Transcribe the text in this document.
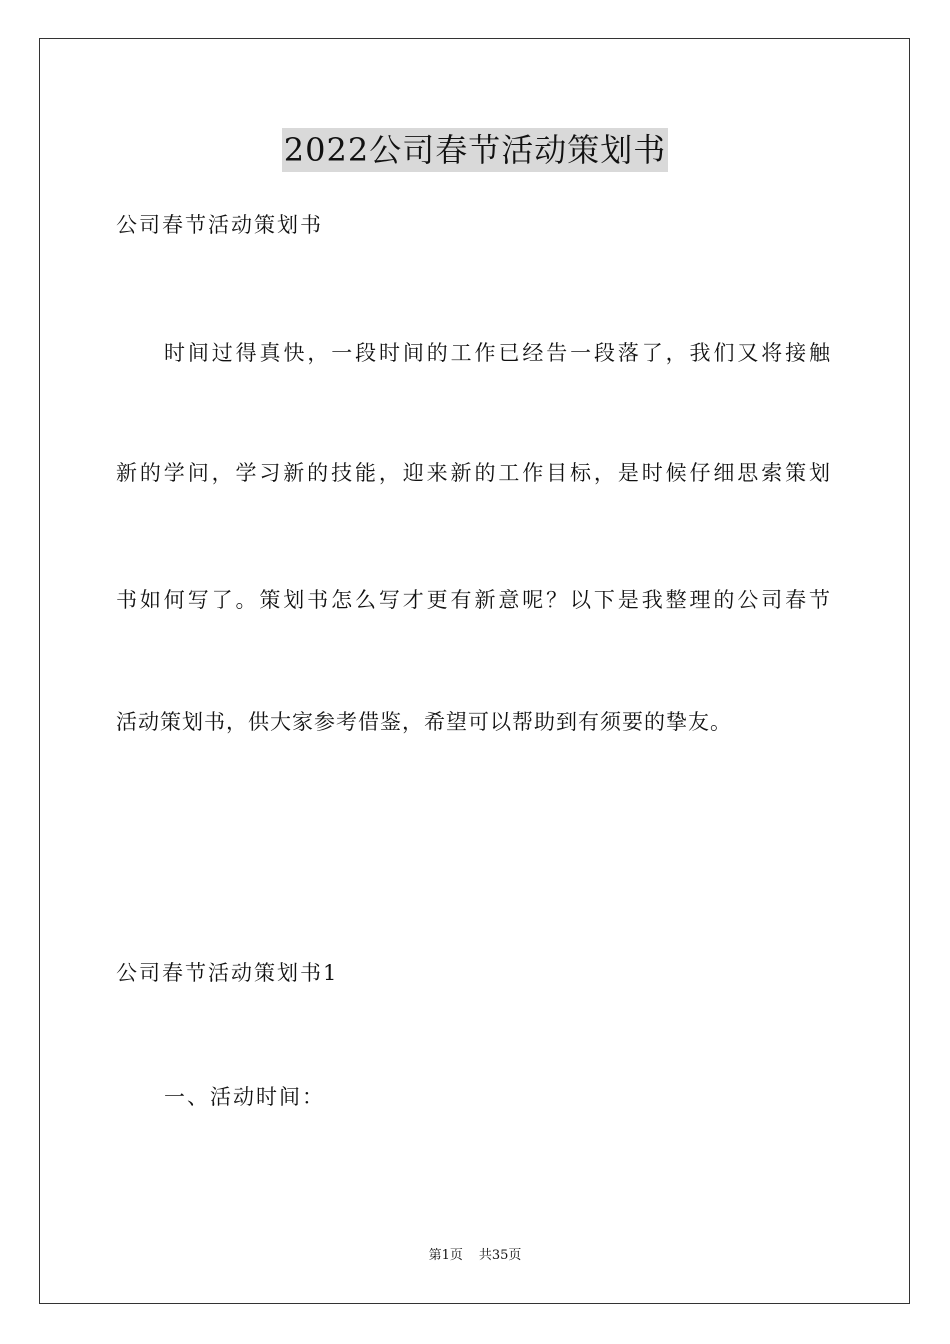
2022公司春节活动策划书
公司春节活动策划书
时间过得真快，一段时间的工作已经告一段落了，我们又将接触
新的学问，学习新的技能，迎来新的工作目标，是时候仔细思索策划
书如何写了。策划书怎么写才更有新意呢？以下是我整理的公司春节
活动策划书，供大家参考借鉴，希望可以帮助到有须要的挚友。
公司春节活动策划书1
一、活动时间：
第1页 共35页
